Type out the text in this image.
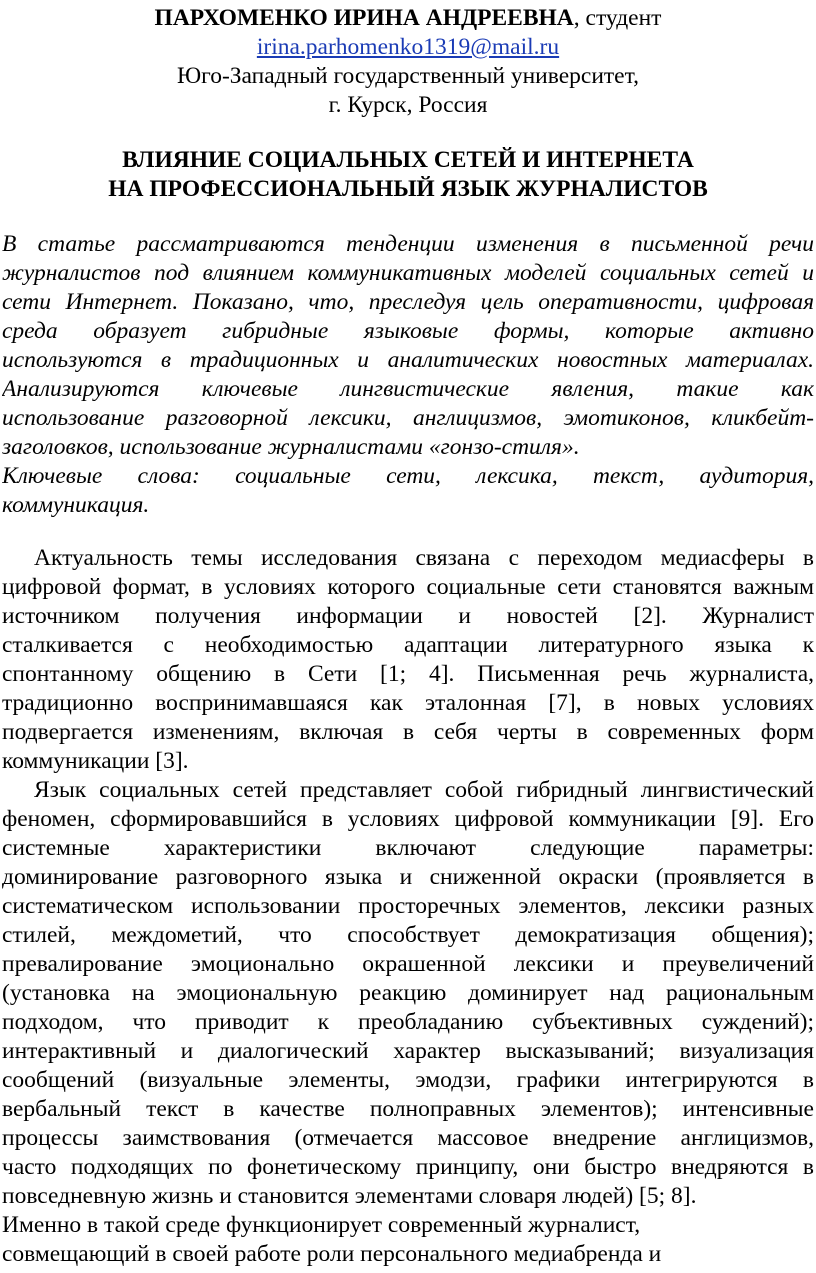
ПАРХОМЕНКО ИРИНА АНДРЕЕВНА, студент
irina.parhomenko1319@mail.ru
Юго-Западный государственный университет,
г. Курск, Россия
ВЛИЯНИЕ СОЦИАЛЬНЫХ СЕТЕЙ И ИНТЕРНЕТА
НА ПРОФЕССИОНАЛЬНЫЙ ЯЗЫК ЖУРНАЛИСТОВ
В статье рассматриваются тенденции изменения в письменной речи
журналистов под влиянием коммуникативных моделей социальных сетей и
сети Интернет. Показано, что, преследуя цель оперативности, цифровая
среда образует гибридные языковые формы, которые активно
используются в традиционных и аналитических новостных материалах.
Анализируются ключевые лингвистические явления, такие как
использование разговорной лексики, англицизмов, эмотиконов, кликбейт-
заголовков, использование журналистами «гонзо-стиля».
Ключевые слова: социальные сети, лексика, текст, аудитория,
коммуникация.
Актуальность темы исследования связана с переходом медиасферы в
цифровой формат, в условиях которого социальные сети становятся важным
источником получения информации и новостей [2]. Журналист
сталкивается с необходимостью адаптации литературного языка к
спонтанному общению в Сети [1; 4]. Письменная речь журналиста,
традиционно воспринимавшаяся как эталонная [7], в новых условиях
подвергается изменениям, включая в себя черты в современных форм
коммуникации [3].
Язык социальных сетей представляет собой гибридный лингвистический
феномен, сформировавшийся в условиях цифровой коммуникации [9]. Его
системные характеристики включают следующие параметры:
доминирование разговорного языка и сниженной окраски (проявляется в
систематическом использовании просторечных элементов, лексики разных
стилей, междометий, что способствует демократизация общения);
превалирование эмоционально окрашенной лексики и преувеличений
(установка на эмоциональную реакцию доминирует над рациональным
подходом, что приводит к преобладанию субъективных суждений);
интерактивный и диалогический характер высказываний; визуализация
сообщений (визуальные элементы, эмодзи, графики интегрируются в
вербальный текст в качестве полноправных элементов); интенсивные
процессы заимствования (отмечается массовое внедрение англицизмов,
часто подходящих по фонетическому принципу, они быстро внедряются в
повседневную жизнь и становится элементами словаря людей) [5; 8].
Именно в такой среде функционирует современный журналист,
совмещающий в своей работе роли персонального медиабренда и
